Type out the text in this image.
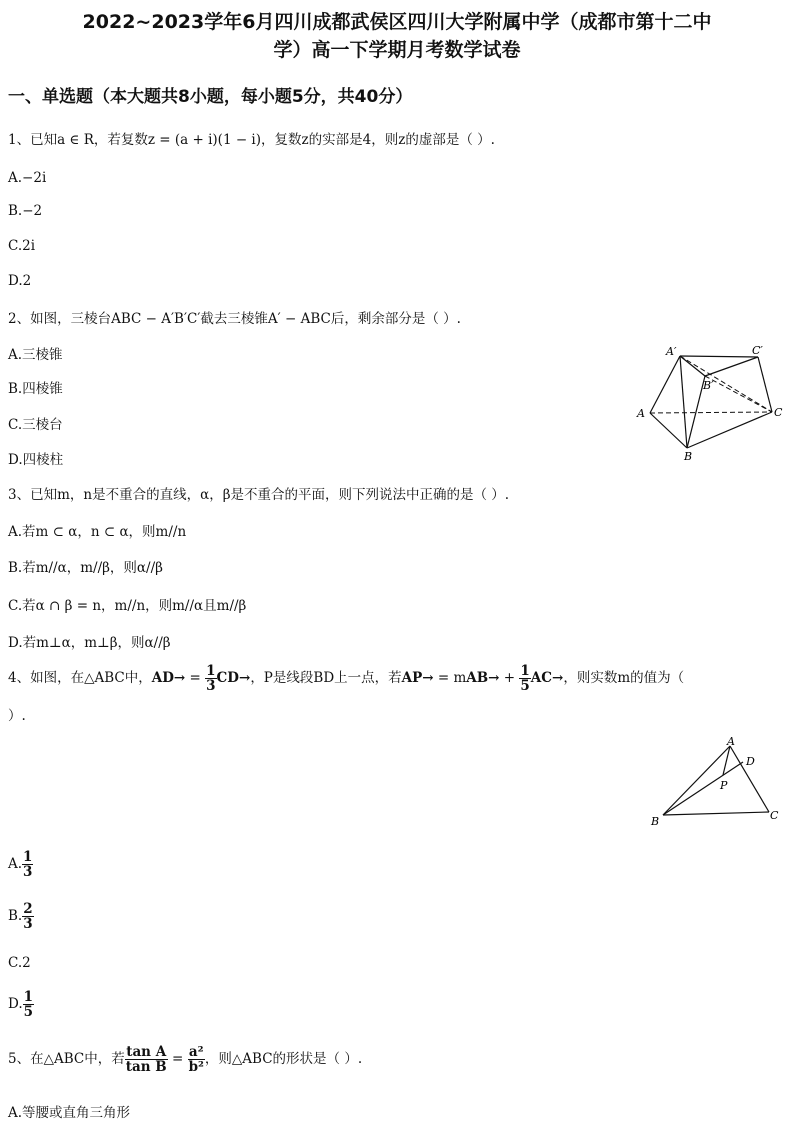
2022~2023学年6月四川成都武侯区四川大学附属中学（成都市第十二中
学）高一下学期月考数学试卷
一、单选题（本大题共8小题，每小题5分，共40分）
1、已知a ∈ R，若复数z = (a + i)(1 − i)，复数z的实部是4，则z的虚部是（ ）.
A.−2i
B.−2
C.2i
D.2
2、如图，三棱台ABC − A′B′C′截去三棱锥A′ − ABC后，剩余部分是（ ）.
A.三棱锥
B.四棱锥
C.三棱台
D.四棱柱
A′	C′
B′
A	C
B
3、已知m，n是不重合的直线，α，β是不重合的平面，则下列说法中正确的是（ ）.
A.若m ⊂ α，n ⊂ α，则m//n
B.若m//α，m//β，则α//β
C.若α ∩ β = n，m//n，则m//α且m//β
D.若m⊥α，m⊥β，则α//β
4、如图，在△ABC中，$AD\to = \frac{1}{3} CD\to$，P是线段BD上一点，若$AP\to = mAB\to + \frac{1}{5} AC\to$，则实数m的值为（
）.
A
D
P
B	C
A. $\frac{1}{3}$
B. $\frac{2}{3}$
C.2
D. $\frac{1}{5}$
5、在△ABC中，若 $\frac{\text{tan A}}{\text{tan B}} = \frac{\text{a²}}{\text{b²}}$ ，则△ABC的形状是（ ）.
A.等腰或直角三角形
